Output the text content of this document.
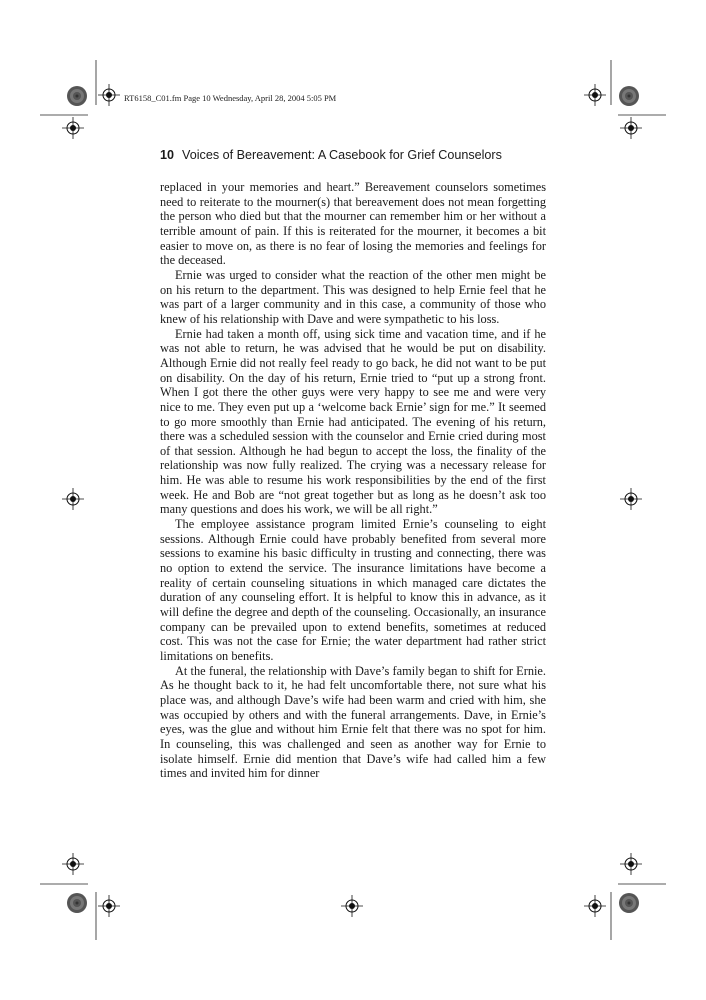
RT6158_C01.fm Page 10 Wednesday, April 28, 2004 5:05 PM
10 Voices of Bereavement: A Casebook for Grief Counselors

replaced in your memories and heart.” Bereavement counselors sometimes need to reiterate to the mourner(s) that bereavement does not mean forgetting the person who died but that the mourner can remember him or her without a terrible amount of pain. If this is reiterated for the mourner, it becomes a bit easier to move on, as there is no fear of losing the memories and feelings for the deceased.

Ernie was urged to consider what the reaction of the other men might be on his return to the department. This was designed to help Ernie feel that he was part of a larger community and in this case, a community of those who knew of his relationship with Dave and were sympathetic to his loss.

Ernie had taken a month off, using sick time and vacation time, and if he was not able to return, he was advised that he would be put on disability. Although Ernie did not really feel ready to go back, he did not want to be put on disability. On the day of his return, Ernie tried to “put up a strong front. When I got there the other guys were very happy to see me and were very nice to me. They even put up a ‘welcome back Ernie’ sign for me.” It seemed to go more smoothly than Ernie had anticipated. The evening of his return, there was a scheduled session with the counselor and Ernie cried during most of that session. Although he had begun to accept the loss, the finality of the relationship was now fully realized. The crying was a necessary release for him. He was able to resume his work responsibilities by the end of the first week. He and Bob are “not great together but as long as he doesn’t ask too many questions and does his work, we will be all right.”

The employee assistance program limited Ernie’s counseling to eight sessions. Although Ernie could have probably benefited from several more sessions to examine his basic difficulty in trusting and connecting, there was no option to extend the service. The insurance limitations have become a reality of certain counseling situations in which managed care dictates the duration of any counseling effort. It is helpful to know this in advance, as it will define the degree and depth of the counseling. Occasionally, an insurance company can be prevailed upon to extend benefits, sometimes at reduced cost. This was not the case for Ernie; the water department had rather strict limitations on benefits.

At the funeral, the relationship with Dave’s family began to shift for Ernie. As he thought back to it, he had felt uncomfortable there, not sure what his place was, and although Dave’s wife had been warm and cried with him, she was occupied by others and with the funeral arrangements. Dave, in Ernie’s eyes, was the glue and without him Ernie felt that there was no spot for him. In counseling, this was challenged and seen as another way for Ernie to isolate himself. Ernie did mention that Dave’s wife had called him a few times and invited him for dinner
